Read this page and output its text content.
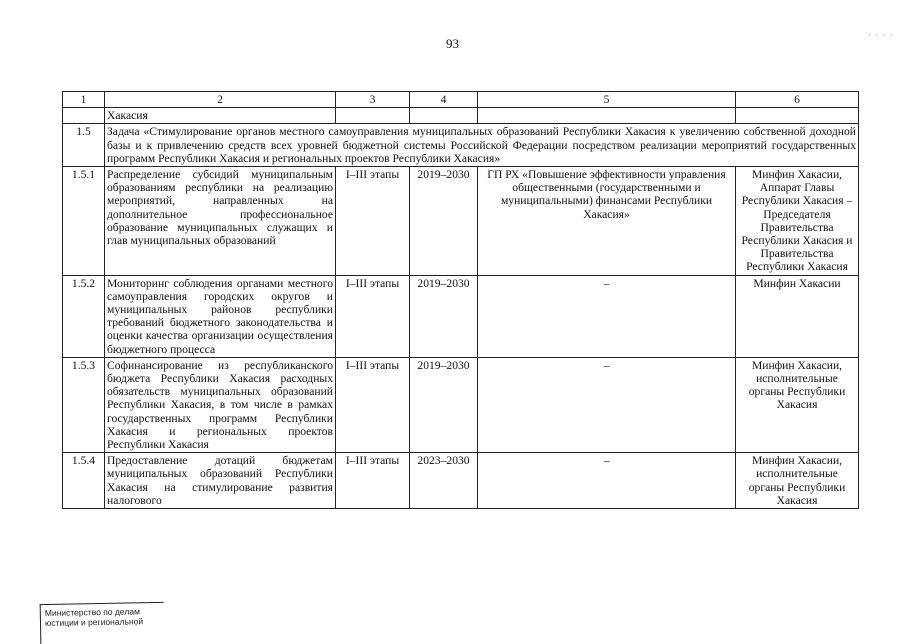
93
· · · ·
1	2	3	4	5	6
	Хакасия				
1.5	Задача «Стимулирование органов местного самоуправления муниципальных образований Республики Хакасия к увеличению собственной доходной базы и к привлечению средств всех уровней бюджетной системы Российской Федерации посредством реализации мероприятий государственных программ Республики Хакасия и региональных проектов Республики Хакасия»				
1.5.1	Распределение субсидий муниципальным образованиям республики на реализацию мероприятий, направленных на дополнительное профессиональное образование муниципальных служащих и глав муниципальных образований	I–III этапы	2019–2030	ГП РХ «Повышение эффективности управления общественными (государственными и муниципальными) финансами Республики Хакасия»	Минфин Хакасии, Аппарат Главы Республики Хакасия – Председателя Правительства Республики Хакасия и Правительства Республики Хакасия
1.5.2	Мониторинг соблюдения органами местного самоуправления городских округов и муниципальных районов республики требований бюджетного законодательства и оценки качества организации осуществления бюджетного процесса	I–III этапы	2019–2030	–	Минфин Хакасии
1.5.3	Софинансирование из республиканского бюджета Республики Хакасия расходных обязательств муниципальных образований Республики Хакасия, в том числе в рамках государственных программ Республики Хакасия и региональных проектов Республики Хакасия	I–III этапы	2019–2030	–	Минфин Хакасии, исполнительные органы Республики Хакасия
1.5.4	Предоставление дотаций бюджетам муниципальных образований Республики Хакасия на стимулирование развития налогового	I–III этапы	2023–2030	–	Минфин Хакасии, исполнительные органы Республики Хакасия
Министерство по делам
юстиции и региональной
